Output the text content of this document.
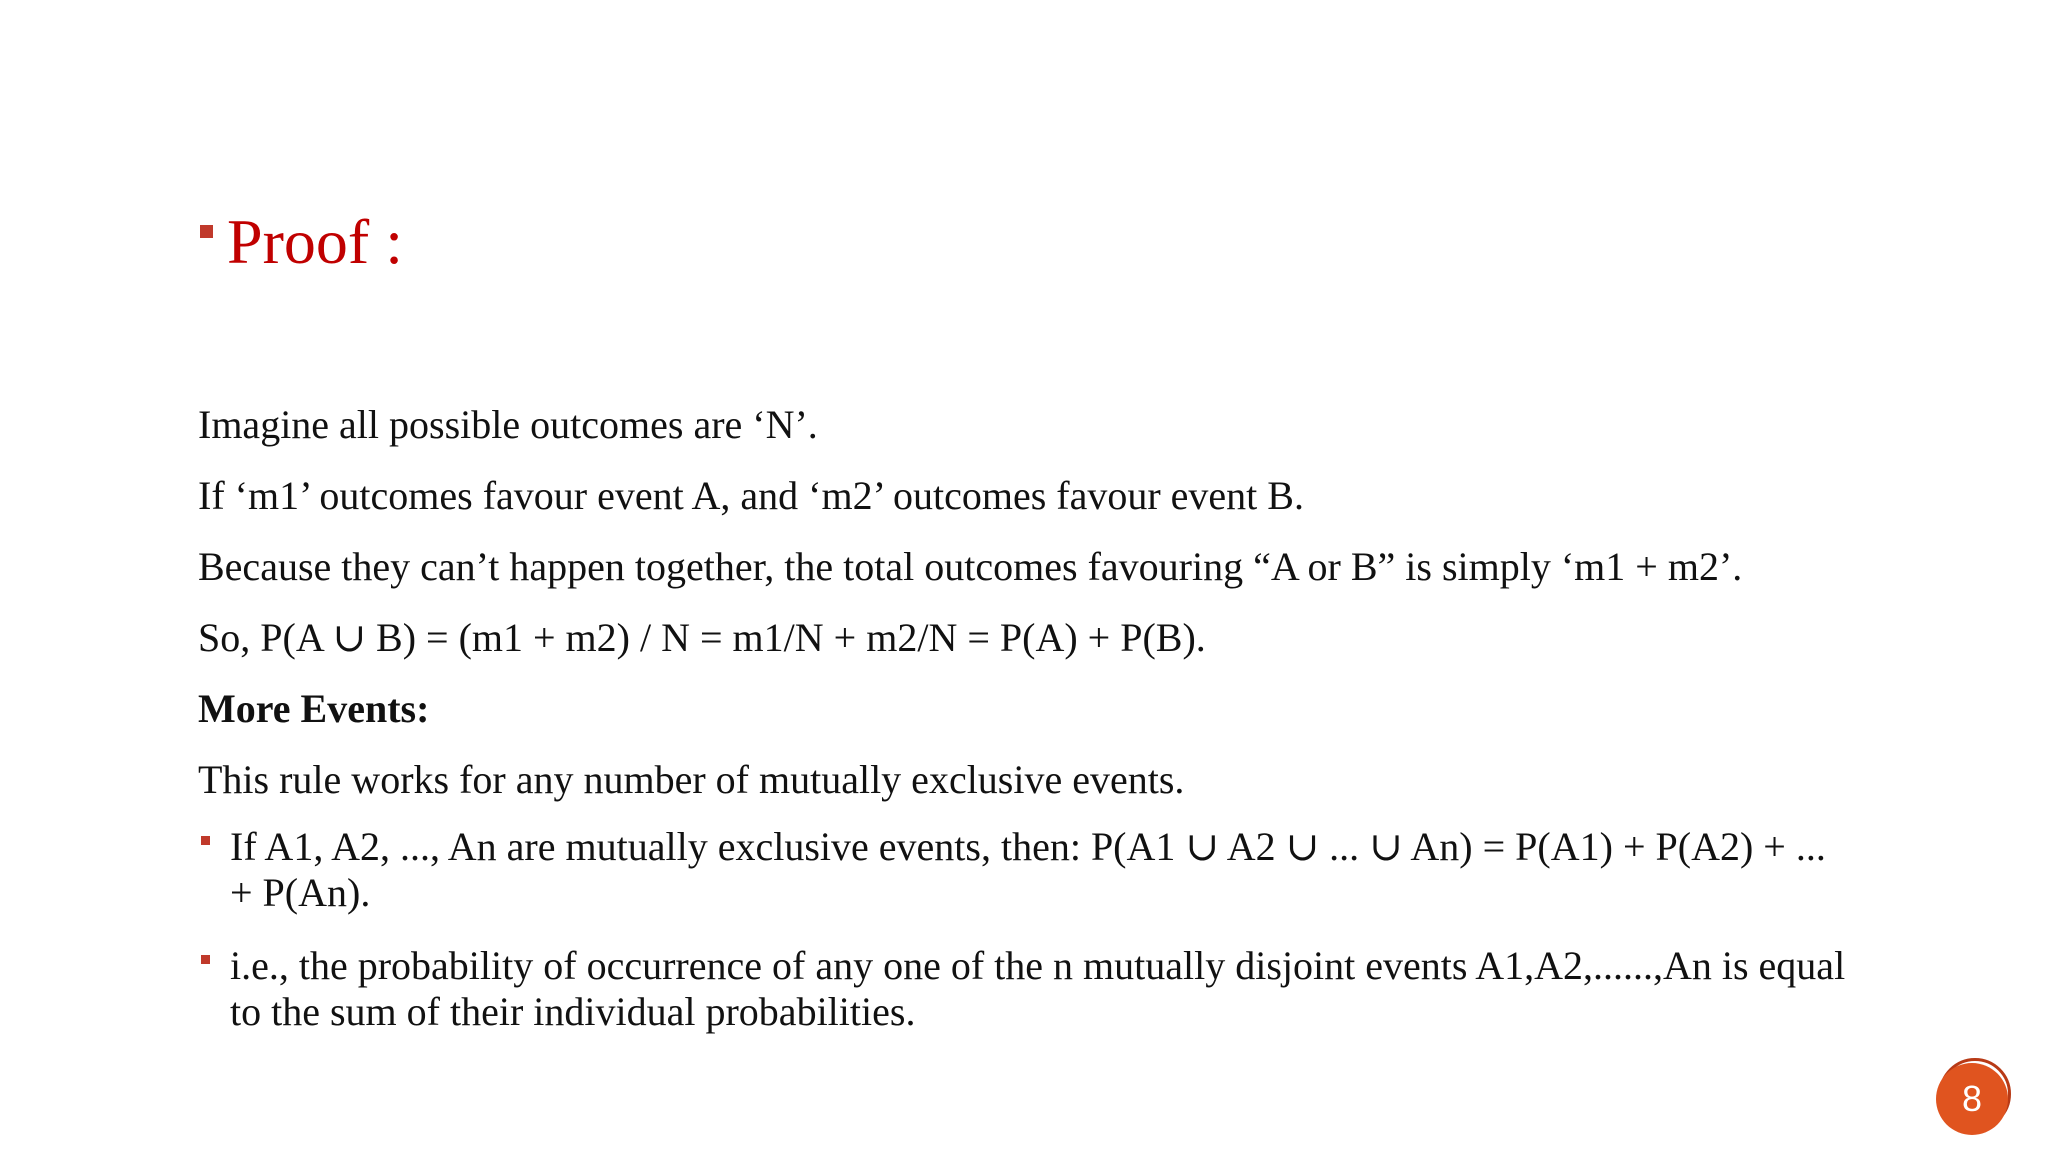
Proof :

Imagine all possible outcomes are ‘N’.

If ‘m1’ outcomes favour event A, and ‘m2’ outcomes favour event B.

Because they can’t happen together, the total outcomes favouring “A or B” is simply ‘m1 + m2’.

So, P(A ∪ B) = (m1 + m2) / N = m1/N + m2/N = P(A) + P(B).

More Events:

This rule works for any number of mutually exclusive events.

If A1, A2, ..., An are mutually exclusive events, then: P(A1 ∪ A2 ∪ ... ∪ An) = P(A1) + P(A2) + ... + P(An).
i.e., the probability of occurrence of any one of the n mutually disjoint events A1,A2,......,An is equal to the sum of their individual probabilities.
8
